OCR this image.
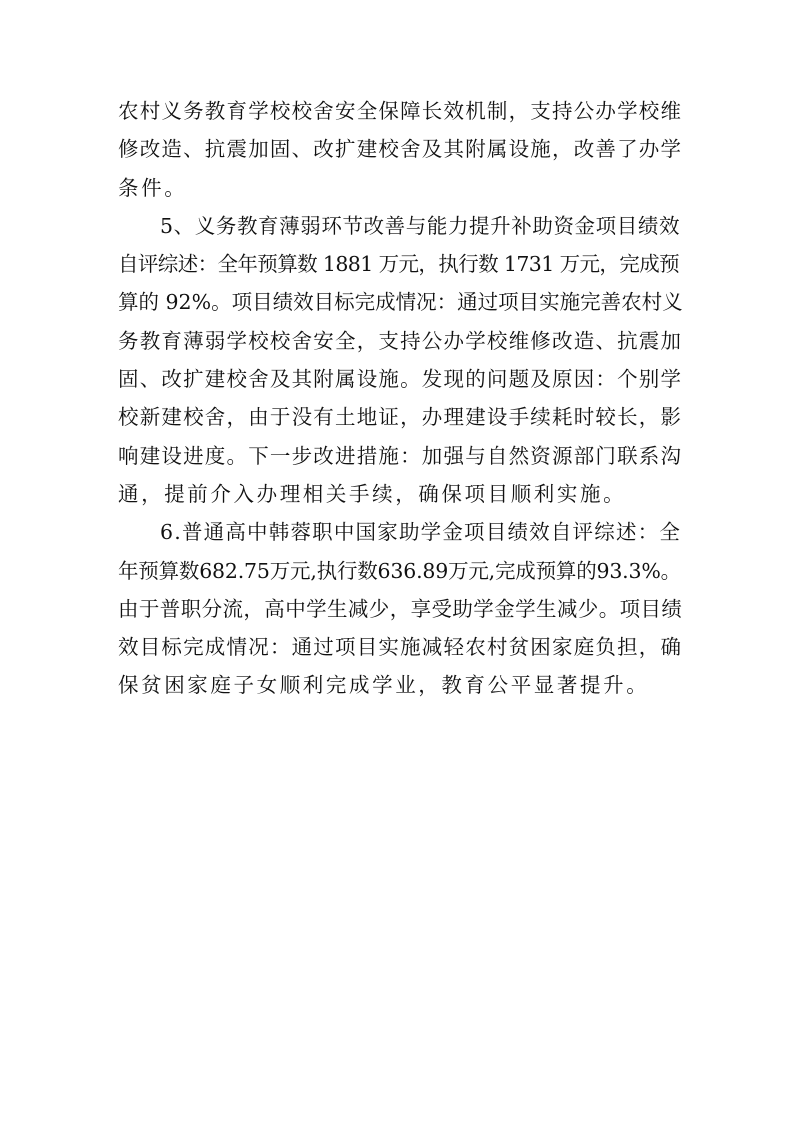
农村义务教育学校校舍安全保障长效机制，支持公办学校维
修改造、抗震加固、改扩建校舍及其附属设施，改善了办学
条件。
5、义务教育薄弱环节改善与能力提升补助资金项目绩效
自评综述：全年预算数 1881 万元，执行数 1731 万元，完成预
算的 92%。项目绩效目标完成情况：通过项目实施完善农村义
务教育薄弱学校校舍安全，支持公办学校维修改造、抗震加
固、改扩建校舍及其附属设施。发现的问题及原因：个别学
校新建校舍，由于没有土地证，办理建设手续耗时较长，影
响建设进度。下一步改进措施：加强与自然资源部门联系沟
通，提前介入办理相关手续，确保项目顺利实施。
6.普通高中韩蓉职中国家助学金项目绩效自评综述：全
年预算数682.75万元,执行数636.89万元,完成预算的93.3%。
由于普职分流，高中学生减少，享受助学金学生减少。项目绩
效目标完成情况：通过项目实施减轻农村贫困家庭负担，确
保贫困家庭子女顺利完成学业，教育公平显著提升。
